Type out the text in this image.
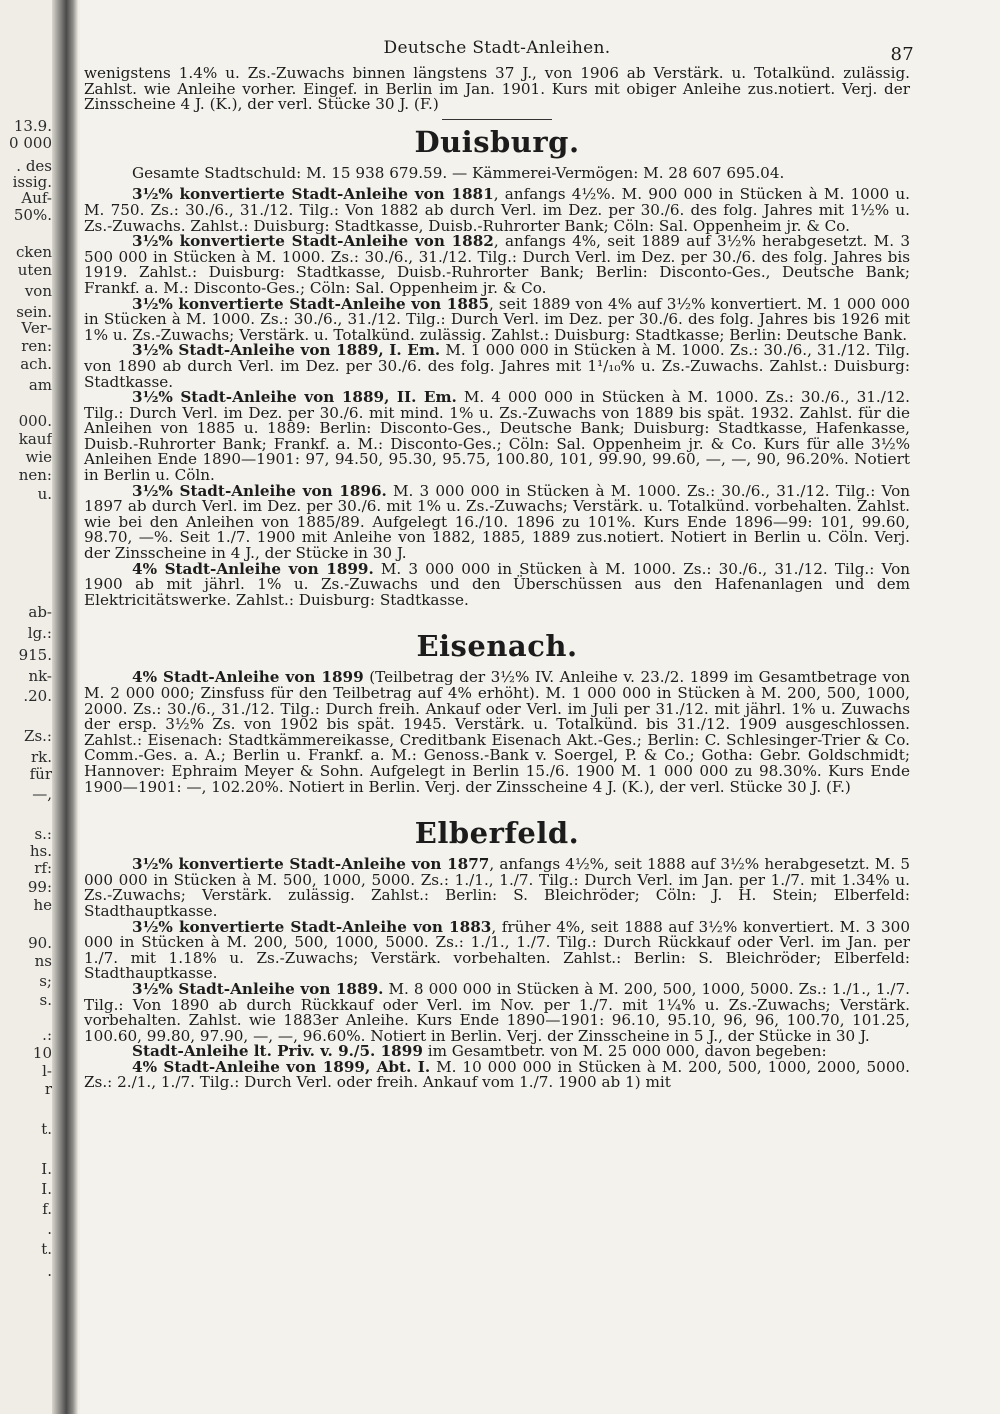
13.9.
0 000
. des
issig.
Auf-
50%.
cken
uten
von
sein.
Ver-
ren:
ach.
am
000.
kauf
wie
nen:
u.
ab-
lg.:
915.
nk-
.20.
Zs.:
rk.
für
—,
s.:
hs.
rf:
99:
he
90.
ns
s;
s.
.:
10
l-
r
t.
I.
I.
f.
.
t.
.
Deutsche Stadt-Anleihen.	87

wenigstens 1.4% u. Zs.-Zuwachs binnen längstens 37 J., von 1906 ab Verstärk. u. Totalkünd. zulässig. Zahlst. wie Anleihe vorher. Eingef. in Berlin im Jan. 1901. Kurs mit obiger Anleihe zus.notiert. Verj. der Zinsscheine 4 J. (K.), der verl. Stücke 30 J. (F.)

Duisburg.

Gesamte Stadtschuld: M. 15 938 679.59. — Kämmerei-Vermögen: M. 28 607 695.04.

3½% konvertierte Stadt-Anleihe von 1881, anfangs 4½%. M. 900 000 in Stücken à M. 1000 u. M. 750. Zs.: 30./6., 31./12. Tilg.: Von 1882 ab durch Verl. im Dez. per 30./6. des folg. Jahres mit 1½% u. Zs.-Zuwachs. Zahlst.: Duisburg: Stadtkasse, Duisb.-Ruhrorter Bank; Cöln: Sal. Oppenheim jr. & Co.

3½% konvertierte Stadt-Anleihe von 1882, anfangs 4%, seit 1889 auf 3½% herabgesetzt. M. 3 500 000 in Stücken à M. 1000. Zs.: 30./6., 31./12. Tilg.: Durch Verl. im Dez. per 30./6. des folg. Jahres bis 1919. Zahlst.: Duisburg: Stadtkasse, Duisb.-Ruhrorter Bank; Berlin: Disconto-Ges., Deutsche Bank; Frankf. a. M.: Disconto-Ges.; Cöln: Sal. Oppenheim jr. & Co.

3½% konvertierte Stadt-Anleihe von 1885, seit 1889 von 4% auf 3½% konvertiert. M. 1 000 000 in Stücken à M. 1000. Zs.: 30./6., 31./12. Tilg.: Durch Verl. im Dez. per 30./6. des folg. Jahres bis 1926 mit 1% u. Zs.-Zuwachs; Verstärk. u. Totalkünd. zulässig. Zahlst.: Duisburg: Stadtkasse; Berlin: Deutsche Bank.

3½% Stadt-Anleihe von 1889, I. Em. M. 1 000 000 in Stücken à M. 1000. Zs.: 30./6., 31./12. Tilg. von 1890 ab durch Verl. im Dez. per 30./6. des folg. Jahres mit 1¹/₁₀% u. Zs.-Zuwachs. Zahlst.: Duisburg: Stadtkasse.

3½% Stadt-Anleihe von 1889, II. Em. M. 4 000 000 in Stücken à M. 1000. Zs.: 30./6., 31./12. Tilg.: Durch Verl. im Dez. per 30./6. mit mind. 1% u. Zs.-Zuwachs von 1889 bis spät. 1932. Zahlst. für die Anleihen von 1885 u. 1889: Berlin: Disconto-Ges., Deutsche Bank; Duisburg: Stadtkasse, Hafenkasse, Duisb.-Ruhrorter Bank; Frankf. a. M.: Disconto-Ges.; Cöln: Sal. Oppenheim jr. & Co. Kurs für alle 3½% Anleihen Ende 1890—1901: 97, 94.50, 95.30, 95.75, 100.80, 101, 99.90, 99.60, —, —, 90, 96.20%. Notiert in Berlin u. Cöln.

3½% Stadt-Anleihe von 1896. M. 3 000 000 in Stücken à M. 1000. Zs.: 30./6., 31./12. Tilg.: Von 1897 ab durch Verl. im Dez. per 30./6. mit 1% u. Zs.-Zuwachs; Verstärk. u. Totalkünd. vorbehalten. Zahlst. wie bei den Anleihen von 1885/89. Aufgelegt 16./10. 1896 zu 101%. Kurs Ende 1896—99: 101, 99.60, 98.70, —%. Seit 1./7. 1900 mit Anleihe von 1882, 1885, 1889 zus.notiert. Notiert in Berlin u. Cöln. Verj. der Zinsscheine in 4 J., der Stücke in 30 J.

4% Stadt-Anleihe von 1899. M. 3 000 000 in Stücken à M. 1000. Zs.: 30./6., 31./12. Tilg.: Von 1900 ab mit jährl. 1% u. Zs.-Zuwachs und den Überschüssen aus den Hafenanlagen und dem Elektricitätswerke. Zahlst.: Duisburg: Stadtkasse.

Eisenach.

4% Stadt-Anleihe von 1899 (Teilbetrag der 3½% IV. Anleihe v. 23./2. 1899 im Gesamtbetrage von M. 2 000 000; Zinsfuss für den Teilbetrag auf 4% erhöht). M. 1 000 000 in Stücken à M. 200, 500, 1000, 2000. Zs.: 30./6., 31./12. Tilg.: Durch freih. Ankauf oder Verl. im Juli per 31./12. mit jährl. 1% u. Zuwachs der ersp. 3½% Zs. von 1902 bis spät. 1945. Verstärk. u. Totalkünd. bis 31./12. 1909 ausgeschlossen. Zahlst.: Eisenach: Stadtkämmereikasse, Creditbank Eisenach Akt.-Ges.; Berlin: C. Schlesinger-Trier & Co. Comm.-Ges. a. A.; Berlin u. Frankf. a. M.: Genoss.-Bank v. Soergel, P. & Co.; Gotha: Gebr. Goldschmidt; Hannover: Ephraim Meyer & Sohn. Aufgelegt in Berlin 15./6. 1900 M. 1 000 000 zu 98.30%. Kurs Ende 1900—1901: —, 102.20%. Notiert in Berlin. Verj. der Zinsscheine 4 J. (K.), der verl. Stücke 30 J. (F.)

Elberfeld.

3½% konvertierte Stadt-Anleihe von 1877, anfangs 4½%, seit 1888 auf 3½% herabgesetzt. M. 5 000 000 in Stücken à M. 500, 1000, 5000. Zs.: 1./1., 1./7. Tilg.: Durch Verl. im Jan. per 1./7. mit 1.34% u. Zs.-Zuwachs; Verstärk. zulässig. Zahlst.: Berlin: S. Bleichröder; Cöln: J. H. Stein; Elberfeld: Stadthauptkasse.

3½% konvertierte Stadt-Anleihe von 1883, früher 4%, seit 1888 auf 3½% konvertiert. M. 3 300 000 in Stücken à M. 200, 500, 1000, 5000. Zs.: 1./1., 1./7. Tilg.: Durch Rückkauf oder Verl. im Jan. per 1./7. mit 1.18% u. Zs.-Zuwachs; Verstärk. vorbehalten. Zahlst.: Berlin: S. Bleichröder; Elberfeld: Stadthauptkasse.

3½% Stadt-Anleihe von 1889. M. 8 000 000 in Stücken à M. 200, 500, 1000, 5000. Zs.: 1./1., 1./7. Tilg.: Von 1890 ab durch Rückkauf oder Verl. im Nov. per 1./7. mit 1¼% u. Zs.-Zuwachs; Verstärk. vorbehalten. Zahlst. wie 1883er Anleihe. Kurs Ende 1890—1901: 96.10, 95.10, 96, 96, 100.70, 101.25, 100.60, 99.80, 97.90, —, —, 96.60%. Notiert in Berlin. Verj. der Zinsscheine in 5 J., der Stücke in 30 J.

Stadt-Anleihe lt. Priv. v. 9./5. 1899 im Gesamtbetr. von M. 25 000 000, davon begeben:

4% Stadt-Anleihe von 1899, Abt. I. M. 10 000 000 in Stücken à M. 200, 500, 1000, 2000, 5000. Zs.: 2./1., 1./7. Tilg.: Durch Verl. oder freih. Ankauf vom 1./7. 1900 ab 1) mit
